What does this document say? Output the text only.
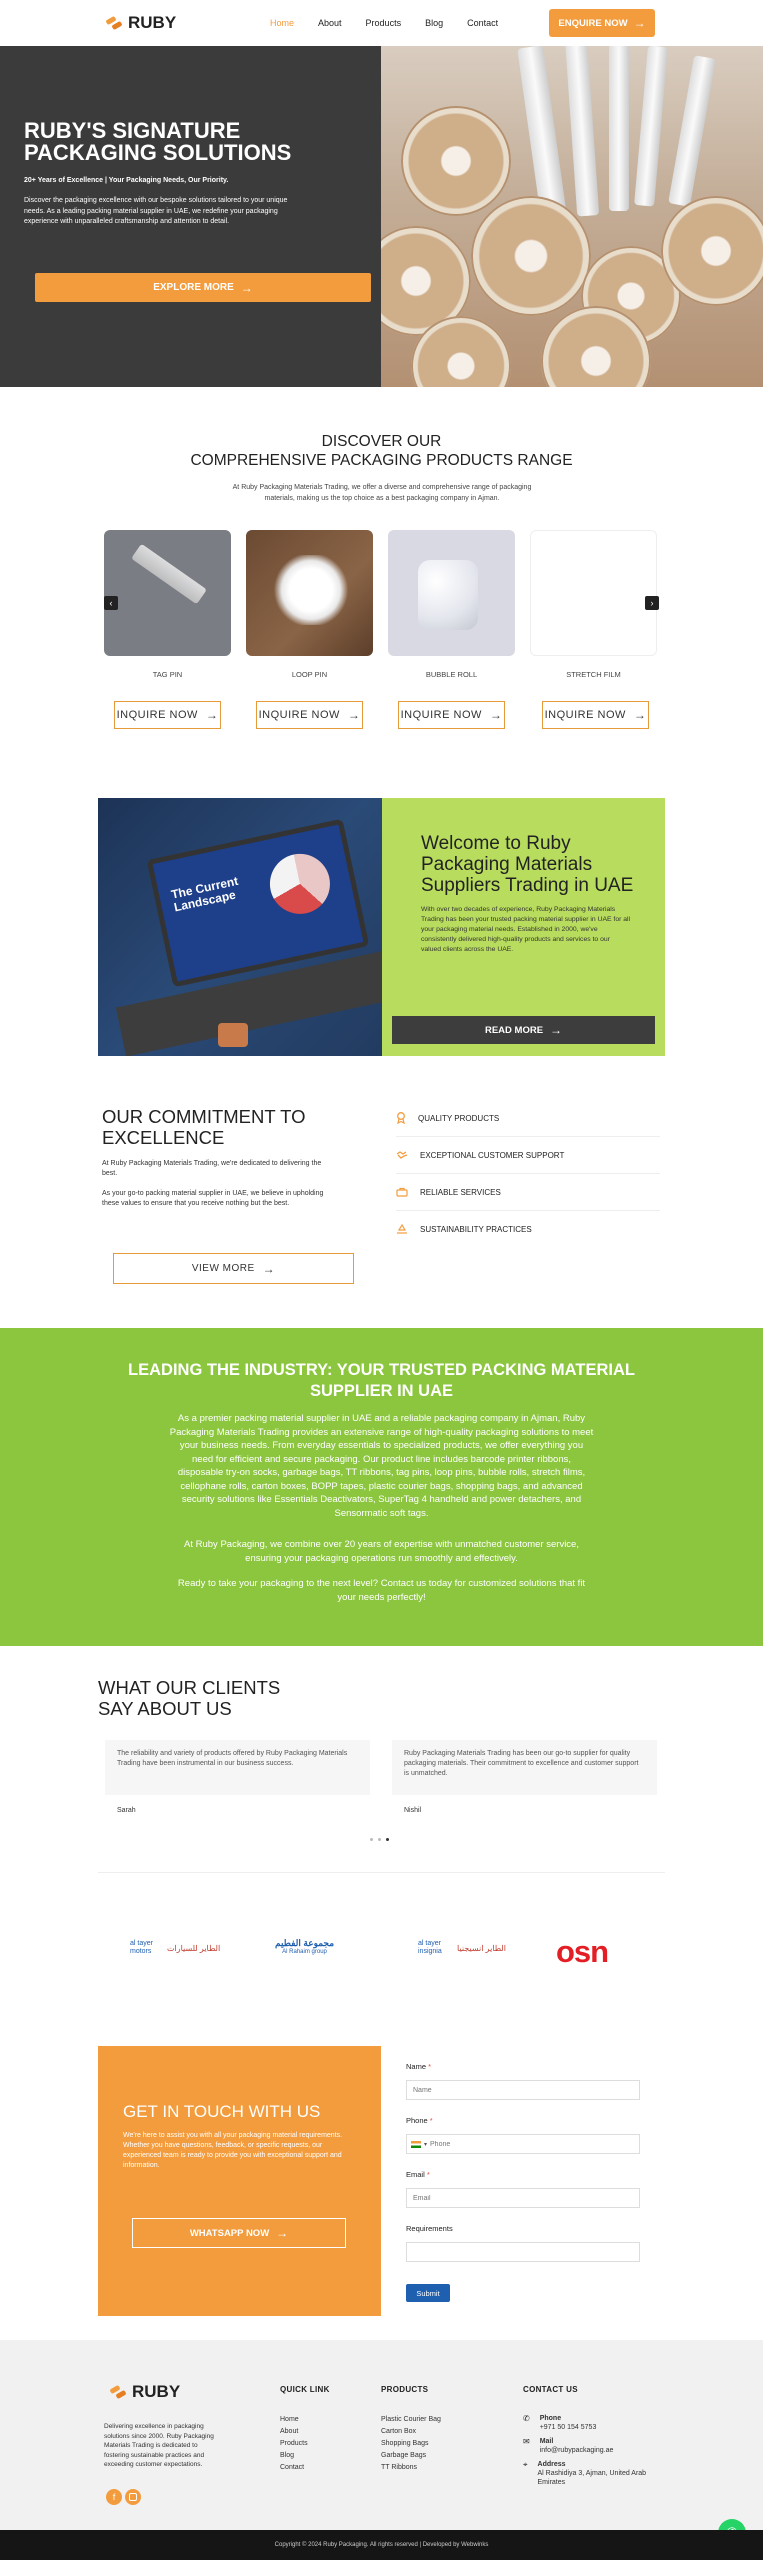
RUBY	Home	About	Products	Blog	Contact	ENQUIRE NOW →
RUBY'S SIGNATURE PACKAGING SOLUTIONS
20+ Years of Excellence | Your Packaging Needs, Our Priority.
Discover the packaging excellence with our bespoke solutions tailored to your unique needs. As a leading packing material supplier in UAE, we redefine your packaging experience with unparalleled craftsmanship and attention to detail.
EXPLORE MORE →
DISCOVER OUR
COMPREHENSIVE PACKAGING PRODUCTS RANGE
At Ruby Packaging Materials Trading, we offer a diverse and comprehensive range of packaging materials, making us the top choice as a best packaging company in Ajman.
‹	›
TAG PIN	LOOP PIN	BUBBLE ROLL	STRETCH FILM
INQUIRE NOW →	INQUIRE NOW →	INQUIRE NOW →	INQUIRE NOW →
The Current Landscape
Welcome to Ruby Packaging Materials Suppliers Trading in UAE
With over two decades of experience, Ruby Packaging Materials Trading has been your trusted packing material supplier in UAE for all your packaging material needs. Established in 2000, we've consistently delivered high-quality products and services to our valued clients across the UAE.
READ MORE →
OUR COMMITMENT TO EXCELLENCE
At Ruby Packaging Materials Trading, we're dedicated to delivering the best.
As your go-to packing material supplier in UAE, we believe in upholding these values to ensure that you receive nothing but the best.
VIEW MORE →
QUALITY PRODUCTS
EXCEPTIONAL CUSTOMER SUPPORT
RELIABLE SERVICES
SUSTAINABILITY PRACTICES
LEADING THE INDUSTRY: YOUR TRUSTED PACKING MATERIAL SUPPLIER IN UAE
As a premier packing material supplier in UAE and a reliable packaging company in Ajman, Ruby Packaging Materials Trading provides an extensive range of high-quality packaging solutions to meet your business needs. From everyday essentials to specialized products, we offer everything you need for efficient and secure packaging. Our product line includes barcode printer ribbons, disposable try-on socks, garbage bags, TT ribbons, tag pins, loop pins, bubble rolls, stretch films, cellophane rolls, carton boxes, BOPP tapes, plastic courier bags, shopping bags, and advanced security solutions like Essentials Deactivators, SuperTag 4 handheld and power detachers, and Sensormatic soft tags.
At Ruby Packaging, we combine over 20 years of expertise with unmatched customer service, ensuring your packaging operations run smoothly and effectively.
Ready to take your packaging to the next level? Contact us today for customized solutions that fit your needs perfectly!
WHAT OUR CLIENTS
SAY ABOUT US
The reliability and variety of products offered by Ruby Packaging Materials Trading have been instrumental in our business success.
Sarah
Ruby Packaging Materials Trading has been our go-to supplier for quality packaging materials. Their commitment to excellence and customer support is unmatched.
Nishil
al tayer motors	الطاير للسيارات	مجموعة الفطيم
Al Rahaim group
al tayer insignia	الطاير انسيجنيا osn
GET IN TOUCH WITH US
We're here to assist you with all your packaging material requirements. Whether you have questions, feedback, or specific requests, our experienced team is ready to provide you with exceptional support and information.
WHATSAPP NOW →
Name *
Name
Phone *
▾
Phone
Email *
Email
Requirements
Submit
RUBY
Delivering excellence in packaging solutions since 2000. Ruby Packaging Materials Trading is dedicated to fostering sustainable practices and exceeding customer expectations.
f
QUICK LINK
Home
About
Products
Blog
Contact
PRODUCTS
Plastic Courier Bag
Carton Box
Shopping Bags
Garbage Bags
TT Ribbons
CONTACT US
✆ Phone
+971 50 154 5753
✉ Mail
info@rubypackaging.ae
⌖ Address
Al Rashidiya 3, Ajman, United Arab Emirates
Copyright © 2024 Ruby Packaging. All rights reserved | Developed by Webwinks
